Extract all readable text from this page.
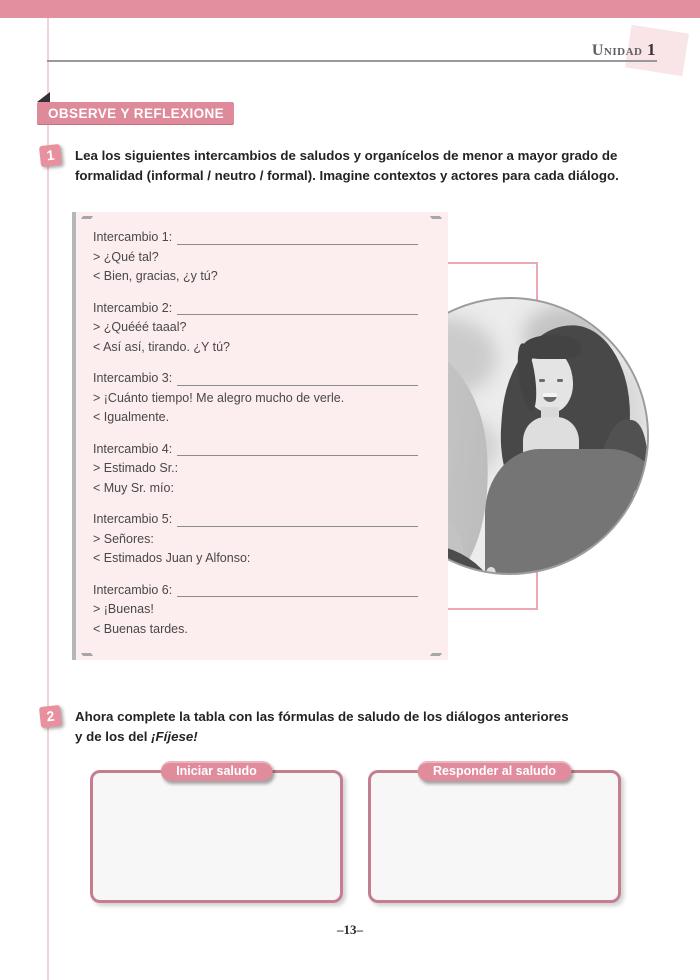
Unidad 1
OBSERVE Y REFLEXIONE
1	Lea los siguientes intercambios de saludos y organícelos de menor a mayor grado de
formalidad (informal / neutro / formal). Imagine contextos y actores para cada diálogo.
Intercambio 1:
> ¿Qué tal?
< Bien, gracias, ¿y tú?
Intercambio 2:
> ¿Quééé taaal?
< Así así, tirando. ¿Y tú?
Intercambio 3:
> ¡Cuánto tiempo! Me alegro mucho de verle.
< Igualmente.
Intercambio 4:
> Estimado Sr.:
< Muy Sr. mío:
Intercambio 5:
> Señores:
< Estimados Juan y Alfonso:
Intercambio 6:
> ¡Buenas!
< Buenas tardes.
2	Ahora complete la tabla con las fórmulas de saludo de los diálogos anteriores
y de los del ¡Fíjese!
Iniciar saludo	Responder al saludo
–13–
